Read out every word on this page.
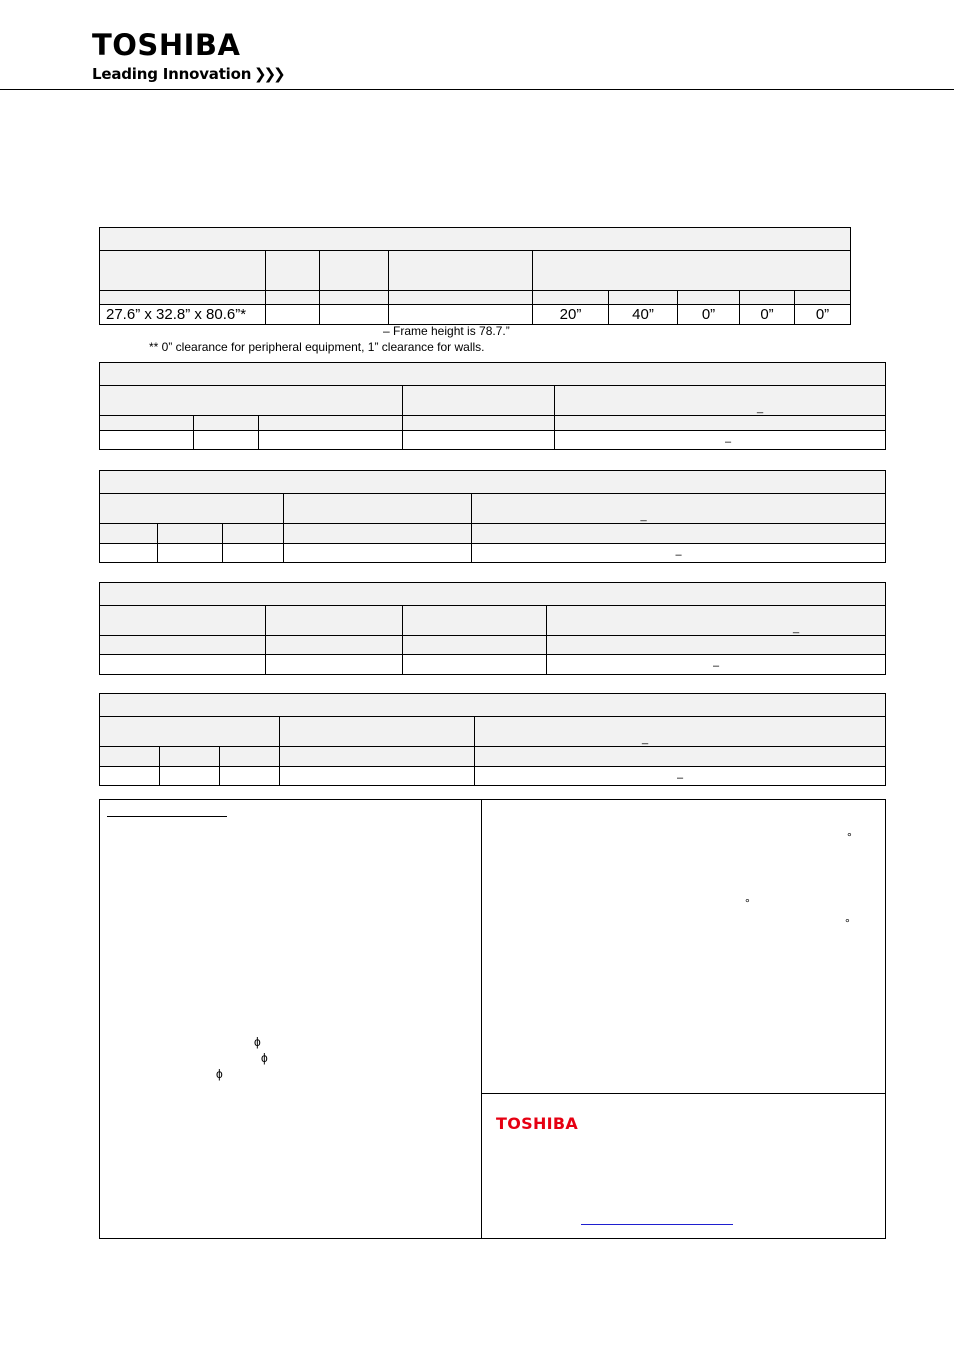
TOSHIBA
Leading Innovation ❯❯❯

27.6” x 32.8” x 80.6”*				20”	40”	0”	0”	0”
– Frame height is 78.7.”
** 0” clearance for peripheral equipment, 1” clearance for walls.

				_

				–

				_

				–

			_

			–

				_

				–
ϕ
ϕ
ϕ
°
°
°
TOSHIBA
